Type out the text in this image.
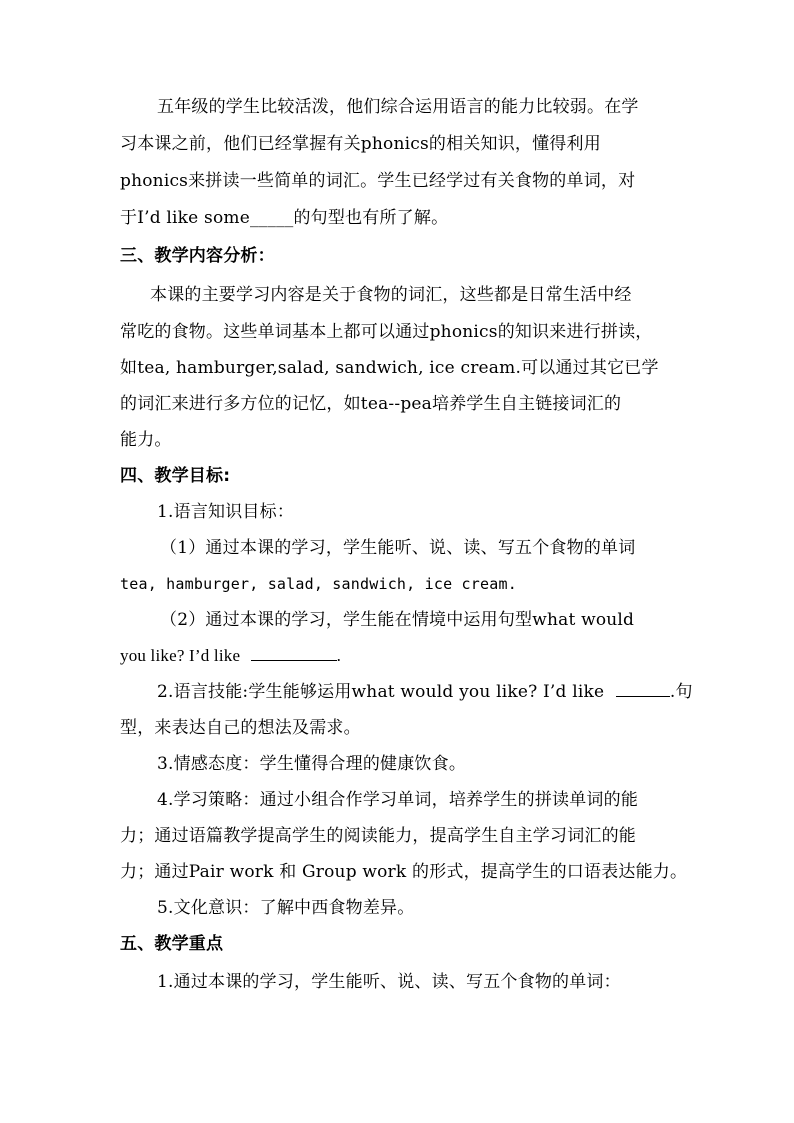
五年级的学生比较活泼，他们综合运用语言的能力比较弱。在学
习本课之前，他们已经掌握有关phonics的相关知识，懂得利用
phonics来拼读一些简单的词汇。学生已经学过有关食物的单词，对
于I’d like some_____的句型也有所了解。
三、教学内容分析：
本课的主要学习内容是关于食物的词汇，这些都是日常生活中经
常吃的食物。这些单词基本上都可以通过phonics的知识来进行拼读，
如tea, hamburger,salad, sandwich, ice cream.可以通过其它已学
的词汇来进行多方位的记忆，如tea--pea培养学生自主链接词汇的
能力。
四、教学目标:
1.语言知识目标：
（1）通过本课的学习，学生能听、说、读、写五个食物的单词
tea, hamburger, salad, sandwich, ice cream.
（2）通过本课的学习，学生能在情境中运用句型what would
you like? I’d like	.
2.语言技能:学生能够运用what would you like? I’d like	.句
型，来表达自己的想法及需求。
3.情感态度：学生懂得合理的健康饮食。
4.学习策略：通过小组合作学习单词，培养学生的拼读单词的能
力；通过语篇教学提高学生的阅读能力，提高学生自主学习词汇的能
力；通过Pair work 和 Group work 的形式，提高学生的口语表达能力。
5.文化意识：了解中西食物差异。
五、教学重点
1.通过本课的学习，学生能听、说、读、写五个食物的单词：
